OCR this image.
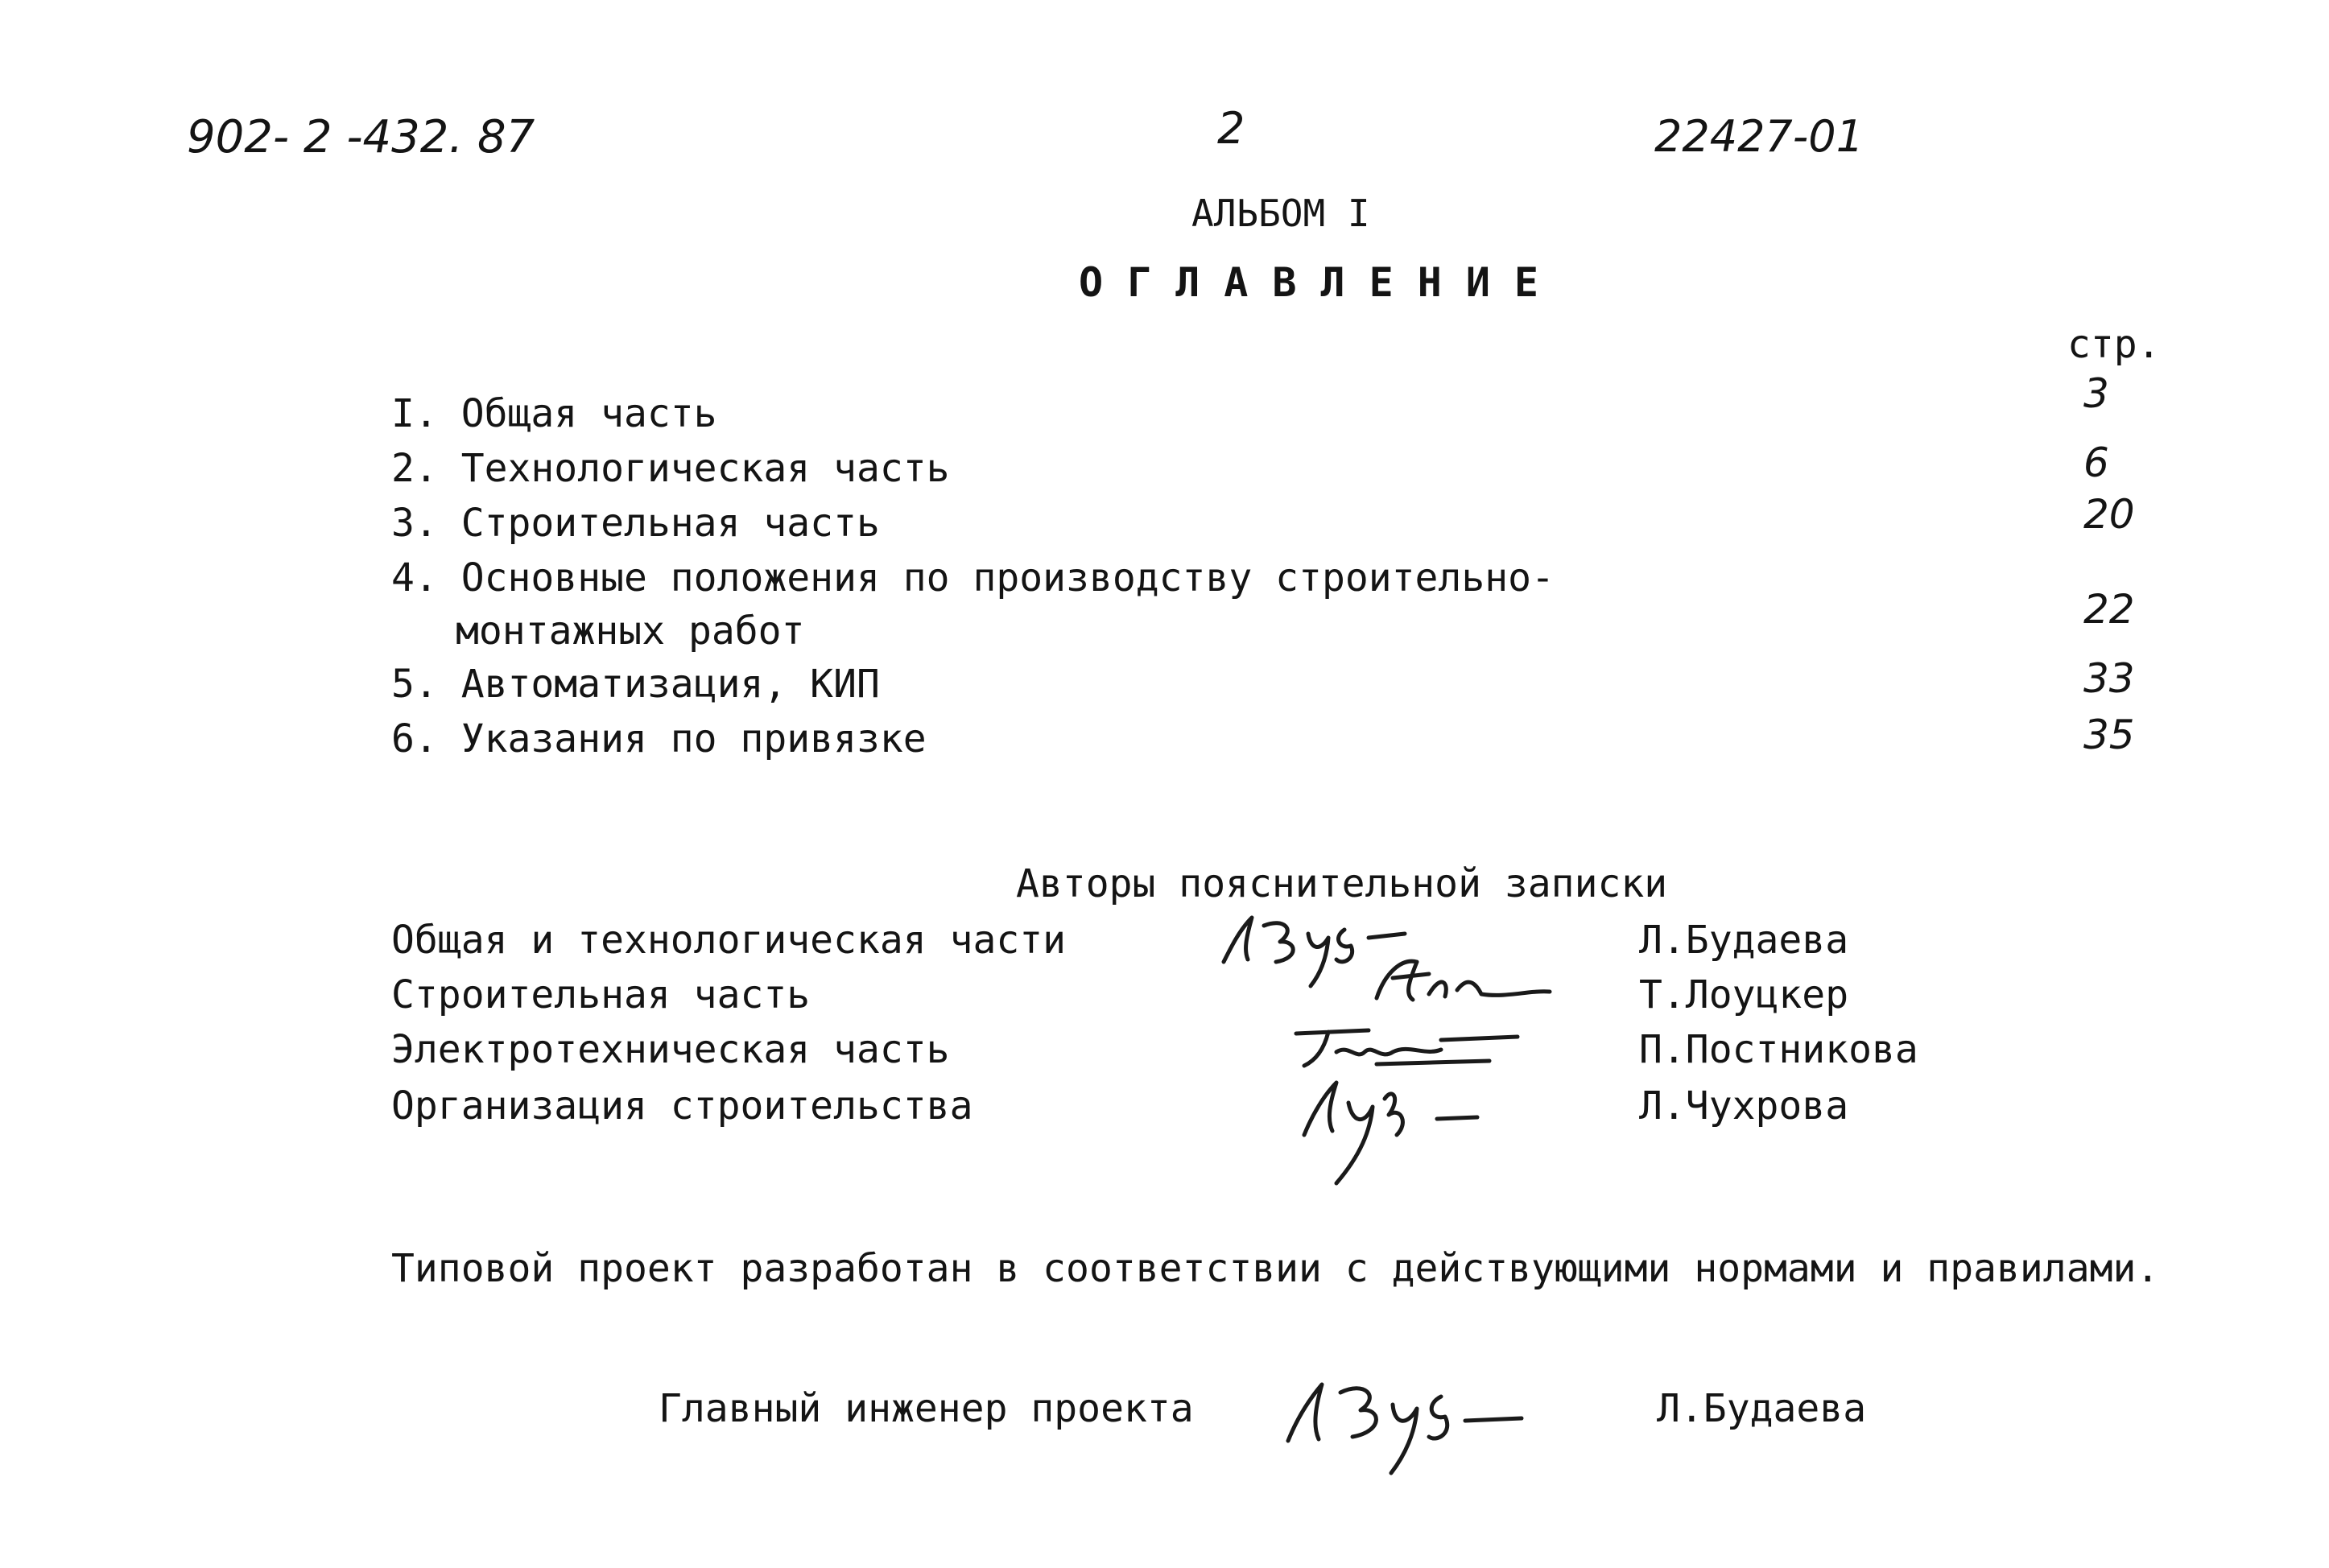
902- 2 -432. 87	2	22427-01
АЛЬБОМ I
ОГЛАВЛЕНИЕ
стр.
I. Общая часть	3
2. Технологическая часть	6
3. Строительная часть	20
4. Основные положения по производству строительно-
монтажных работ	22
5. Автоматизация, КИП	33
6. Указания по привязке	35
Авторы пояснительной записки
Общая и технологическая части	Л.Будаева
Строительная часть	Т.Лоуцкер
Электротехническая часть	П.Постникова
Организация строительства	Л.Чухрова
Типовой проект разработан в соответствии с действующими нормами и правилами.
Главный инженер проекта	Л.Будаева
